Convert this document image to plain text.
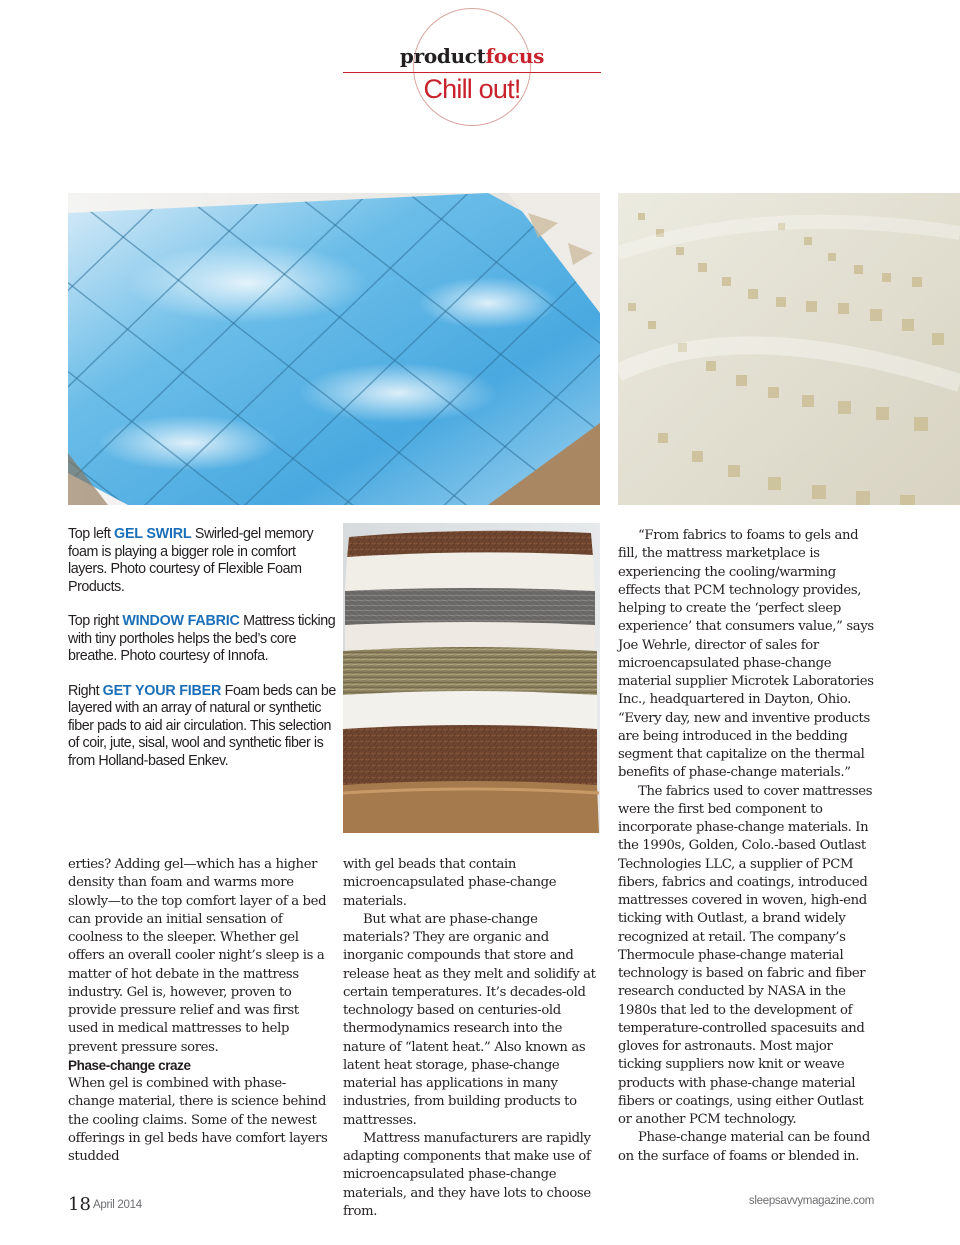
productfocus
Chill out!

Top left GEL SWIRL Swirled-gel memory foam is playing a bigger role in comfort layers. Photo courtesy of Flexible Foam Products.

Top right WINDOW FABRIC Mattress ticking with tiny portholes helps the bed’s core breathe. Photo courtesy of Innofa.

Right GET YOUR FIBER Foam beds can be layered with an array of natural or synthetic fiber pads to aid air circulation. This selection of coir, jute, sisal, wool and synthetic fiber is from Holland-based Enkev.

erties? Adding gel—which has a higher density than foam and warms more slowly—to the top comfort layer of a bed can provide an initial sensation of coolness to the sleeper. Whether gel offers an overall cooler night’s sleep is a matter of hot debate in the mattress industry. Gel is, however, proven to provide pressure relief and was first used in medical mattresses to help prevent pressure sores.

Phase-change craze

When gel is combined with phase-change material, there is science behind the cooling claims. Some of the newest offerings in gel beds have comfort layers studded

with gel beads that contain microencapsulated phase-change materials.

But what are phase-change materials? They are organic and inorganic compounds that store and release heat as they melt and solidify at certain temperatures. It’s decades-old technology based on centuries-old thermodynamics research into the nature of “latent heat.” Also known as latent heat storage, phase-change material has applications in many industries, from building products to mattresses.

Mattress manufacturers are rapidly adapting components that make use of microencapsulated phase-change materials, and they have lots to choose from.

“From fabrics to foams to gels and fill, the mattress marketplace is experiencing the cooling/warming effects that PCM technology provides, helping to create the ‘perfect sleep experience’ that consumers value,” says Joe Wehrle, director of sales for microencapsulated phase-change material supplier Microtek Laboratories Inc., headquartered in Dayton, Ohio. “Every day, new and inventive products are being introduced in the bedding segment that capitalize on the thermal benefits of phase-change materials.”

The fabrics used to cover mattresses were the first bed component to incorporate phase-change materials. In the 1990s, Golden, Colo.-based Outlast Technologies LLC, a supplier of PCM fibers, fabrics and coatings, introduced mattresses covered in woven, high-end ticking with Outlast, a brand widely recognized at retail. The company’s Thermocule phase-change material technology is based on fabric and fiber research conducted by NASA in the 1980s that led to the development of temperature-controlled spacesuits and gloves for astronauts. Most major ticking suppliers now knit or weave products with phase-change material fibers or coatings, using either Outlast or another PCM technology.

Phase-change material can be found on the surface of foams or blended in.

18 April 2014	sleepsavvymagazine.com
